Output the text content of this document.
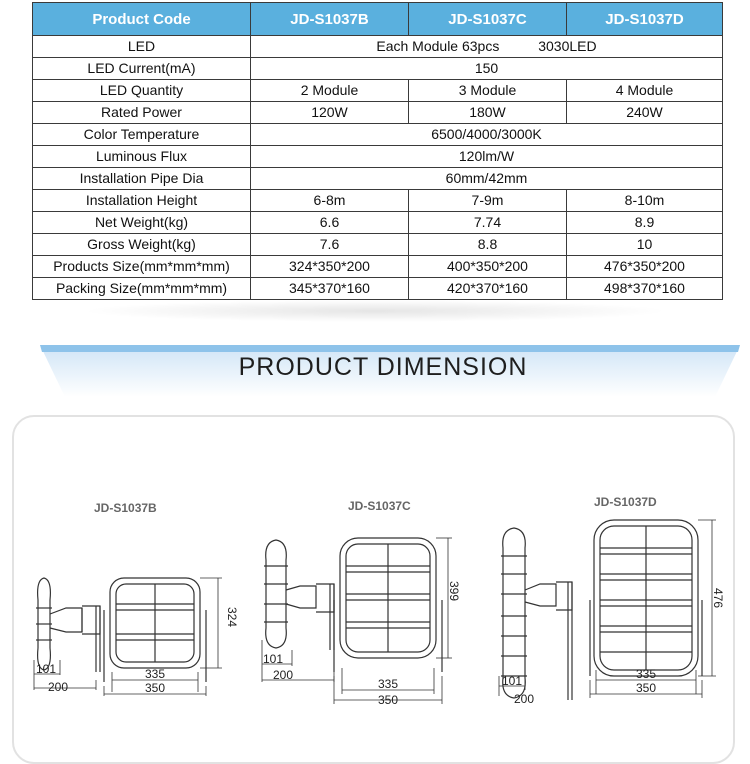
Product Code	JD-S1037B	JD-S1037C	JD-S1037D
LED	Each Module 63pcs          3030LED		
LED Current(mA)	150		
LED Quantity	2 Module	3 Module	4 Module
Rated Power	120W	180W	240W
Color Temperature	6500/4000/3000K		
Luminous Flux	120lm/W		
Installation Pipe Dia	60mm/42mm		
Installation Height	6-8m	7-9m	8-10m
Net Weight(kg)	6.6	7.74	8.9
Gross Weight(kg)	7.6	8.8	10
Products Size(mm*mm*mm)	324*350*200	400*350*200	476*350*200
Packing Size(mm*mm*mm)	345*370*160	420*370*160	498*370*160
PRODUCT DIMENSION
JD-S1037B	JD-S1037C	JD-S1037D
101
200
335
350
324
101
200
335
350
399
101
200
335
350
476
